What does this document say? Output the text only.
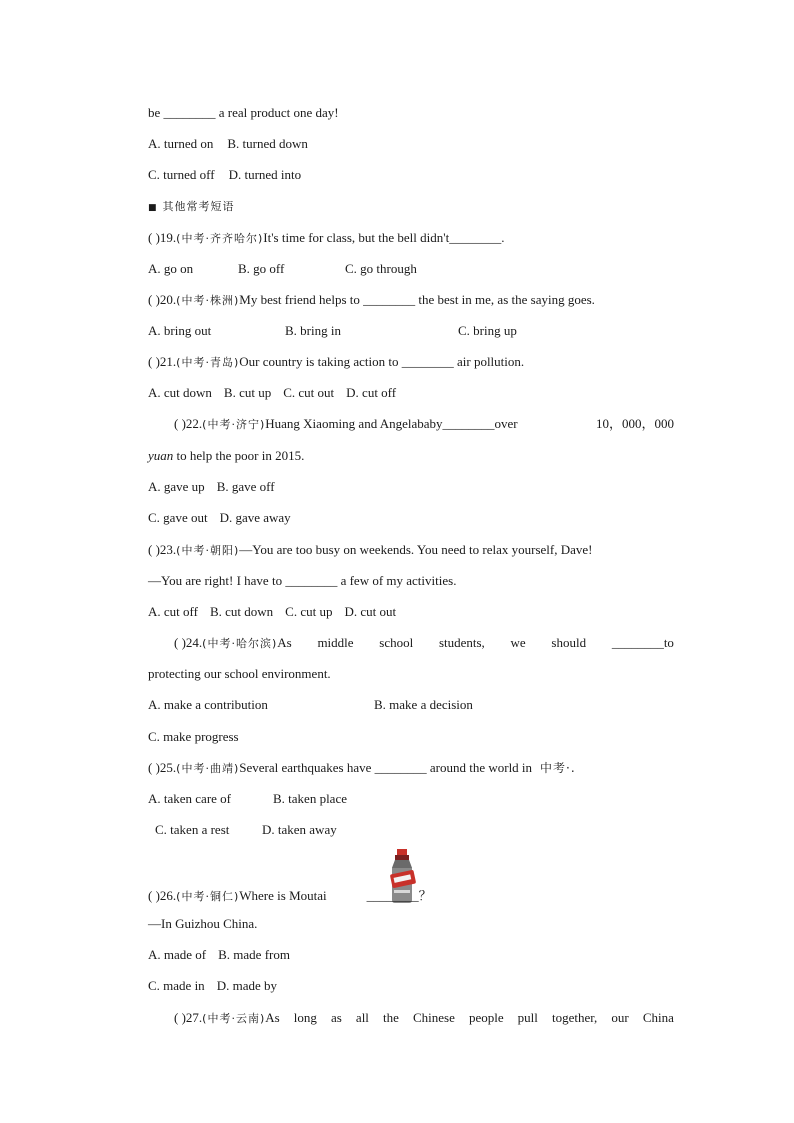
be ________ a real product one day!
A. turned on B. turned down
C. turned off D. turned into
■ 其他常考短语
( )19.(中考·齐齐哈尔)It's time for class, but the bell didn't________.
A. go on	B. go off	C. go through
( )20.(中考·株洲)My best friend helps to ________ the best in me, as the saying goes.
A. bring out	B. bring in	C. bring up
( )21.(中考·青岛)Our country is taking action to ________ air pollution.
A. cut down B. cut up C. cut out D. cut off
( )22.(中考·济宁)Huang Xiaoming and Angelababy________over	10，000，000
yuan to help the poor in 2015.
A. gave up B. gave off
C. gave out D. gave away
( )23.(中考·朝阳)—You are too busy on weekends. You need to relax yourself, Dave!
—You are right! I have to ________ a few of my activities.
A. cut off B. cut down C. cut up D. cut out
( )24.(中考·哈尔滨)As middle school students, we should ________to
protecting our school environment.
A. make a contribution	B. make a decision
C. make progress
( )25.(中考·曲靖)Several earthquakes have ________ around the world in 中考·.
A. taken care of	B. taken place
C. taken a rest	D. taken away
( )26.(中考·铜仁)Where is Moutai	________？
—In Guizhou China.
A. made of B. made from
C. made in D. made by
( )27.(中考·云南)As long as all the Chinese people pull together, our China
